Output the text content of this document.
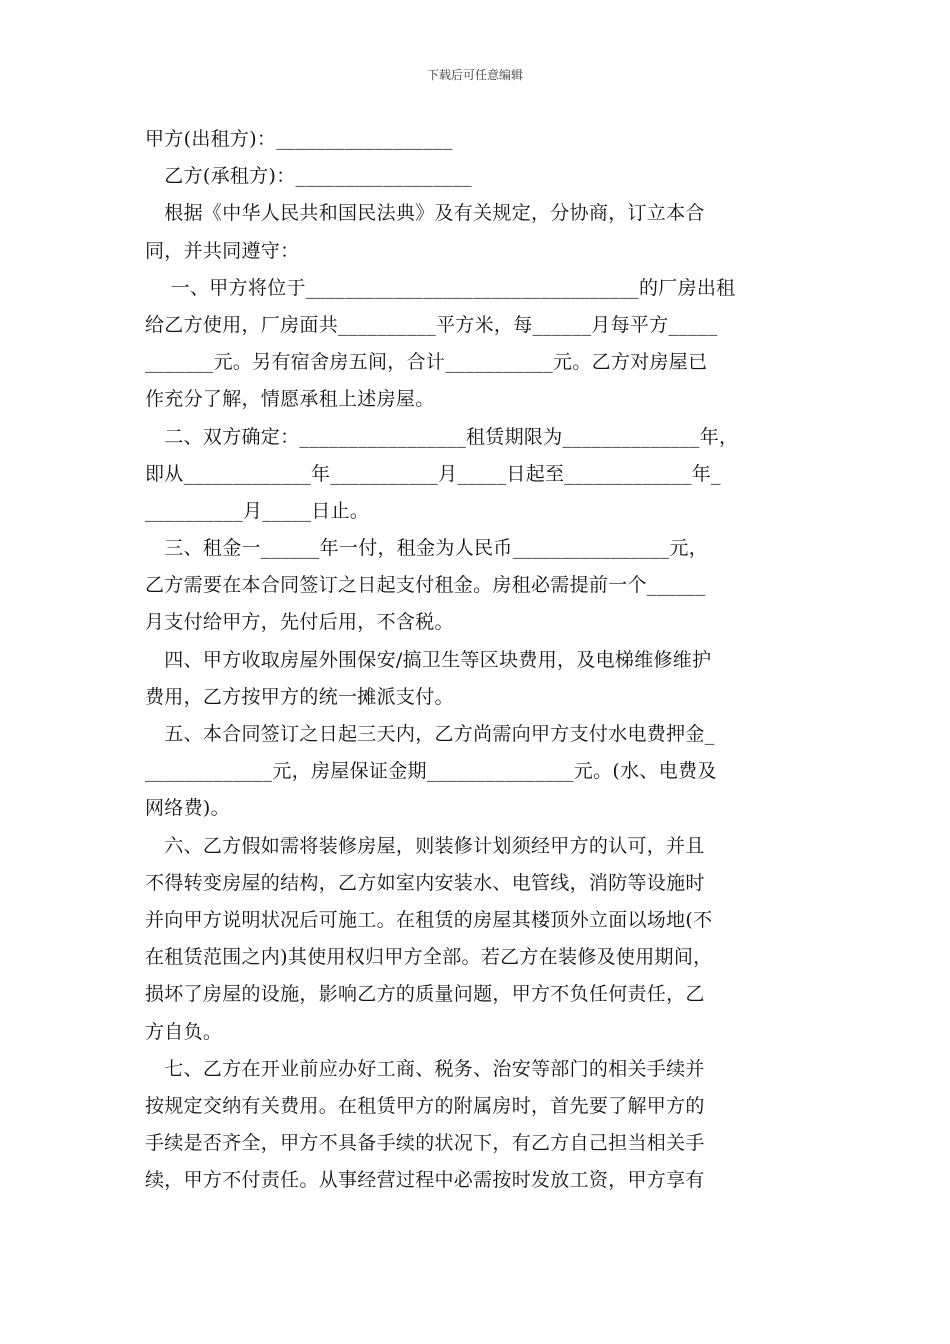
下载后可任意编辑
甲方(出租方)：__________________
　乙方(承租方)：__________________
　根据《中华人民共和国民法典》及有关规定，分协商，订立本合
同，并共同遵守：
　 一、甲方将位于__________________________________的厂房出租
给乙方使用，厂房面共__________平方米，每______月每平方_____
_______元。另有宿舍房五间，合计___________元。乙方对房屋已
作充分了解，情愿承租上述房屋。
　二、双方确定：_________________租赁期限为______________年，
即从_____________年___________月_____日起至_____________年_
__________月_____日止。
　三、租金一______年一付，租金为人民币________________元，
乙方需要在本合同签订之日起支付租金。房租必需提前一个______
月支付给甲方，先付后用，不含税。
　四、甲方收取房屋外围保安/搞卫生等区块费用，及电梯维修维护
费用，乙方按甲方的统一摊派支付。
　五、本合同签订之日起三天内，乙方尚需向甲方支付水电费押金_
_____________元，房屋保证金期_______________元。(水、电费及
网络费)。
　六、乙方假如需将装修房屋，则装修计划须经甲方的认可，并且
不得转变房屋的结构，乙方如室内安装水、电管线，消防等设施时
并向甲方说明状况后可施工。在租赁的房屋其楼顶外立面以场地(不
在租赁范围之内)其使用权归甲方全部。若乙方在装修及使用期间，
损坏了房屋的设施，影响乙方的质量问题，甲方不负任何责任，乙
方自负。
　七、乙方在开业前应办好工商、税务、治安等部门的相关手续并
按规定交纳有关费用。在租赁甲方的附属房时，首先要了解甲方的
手续是否齐全，甲方不具备手续的状况下，有乙方自己担当相关手
续，甲方不付责任。从事经营过程中必需按时发放工资，甲方享有
